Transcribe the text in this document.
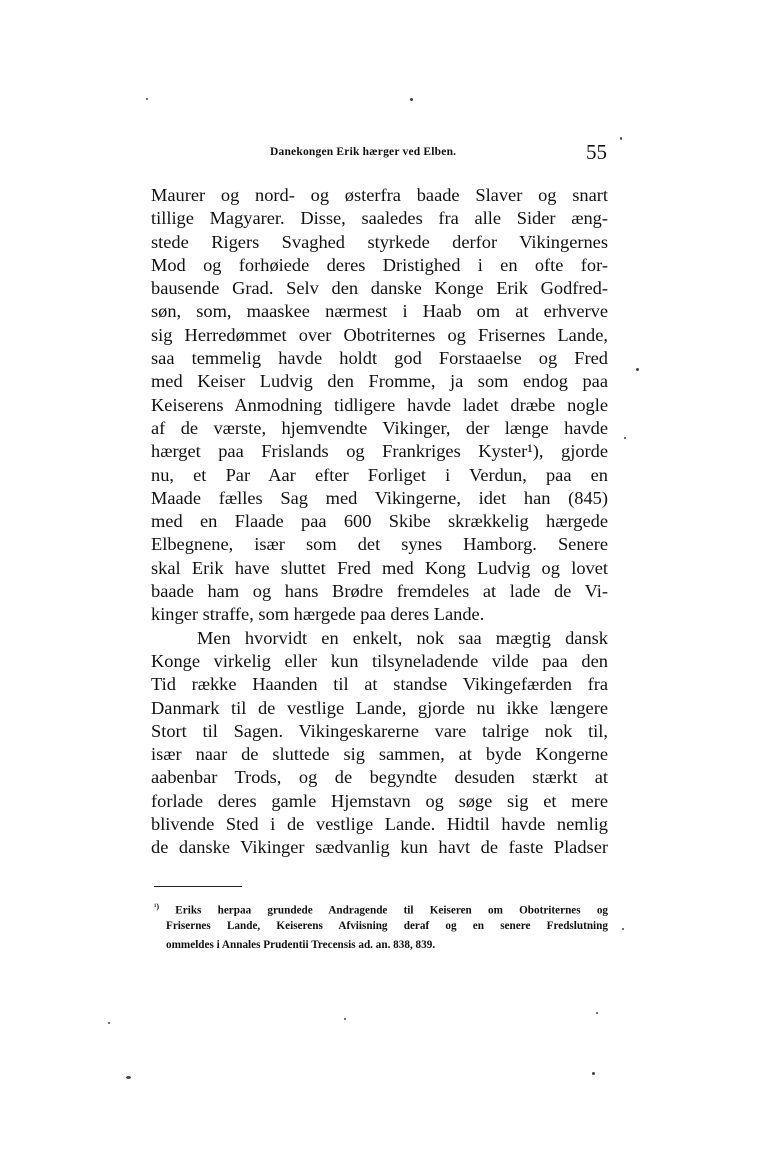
Danekongen Erik hærger ved Elben.	55
Maurer og nord- og østerfra baade Slaver og snart
tillige Magyarer. Disse, saaledes fra alle Sider æng-
stede Rigers Svaghed styrkede derfor Vikingernes
Mod og forhøiede deres Dristighed i en ofte for-
bausende Grad. Selv den danske Konge Erik Godfred-
søn, som, maaskee nærmest i Haab om at erhverve
sig Herredømmet over Obotriternes og Frisernes Lande,
saa temmelig havde holdt god Forstaaelse og Fred
med Keiser Ludvig den Fromme, ja som endog paa
Keiserens Anmodning tidligere havde ladet dræbe nogle
af de værste, hjemvendte Vikinger, der længe havde
hærget paa Frislands og Frankriges Kyster¹), gjorde
nu, et Par Aar efter Forliget i Verdun, paa en
Maade fælles Sag med Vikingerne, idet han (845)
med en Flaade paa 600 Skibe skrækkelig hærgede
Elbegnene, især som det synes Hamborg. Senere
skal Erik have sluttet Fred med Kong Ludvig og lovet
baade ham og hans Brødre fremdeles at lade de Vi-
kinger straffe, som hærgede paa deres Lande.
Men hvorvidt en enkelt, nok saa mægtig dansk
Konge virkelig eller kun tilsyneladende vilde paa den
Tid række Haanden til at standse Vikingefærden fra
Danmark til de vestlige Lande, gjorde nu ikke længere
Stort til Sagen. Vikingeskarerne vare talrige nok til,
især naar de sluttede sig sammen, at byde Kongerne
aabenbar Trods, og de begyndte desuden stærkt at
forlade deres gamle Hjemstavn og søge sig et mere
blivende Sted i de vestlige Lande. Hidtil havde nemlig
de danske Vikinger sædvanlig kun havt de faste Pladser
$^{^1)}$ Eriks herpaa grundede Andragende til Keiseren om Obotriternes og
Frisernes Lande, Keiserens Afviisning deraf og en senere Fredslutning
ommeldes i Annales Prudentii Trecensis ad. an. 838, 839.
